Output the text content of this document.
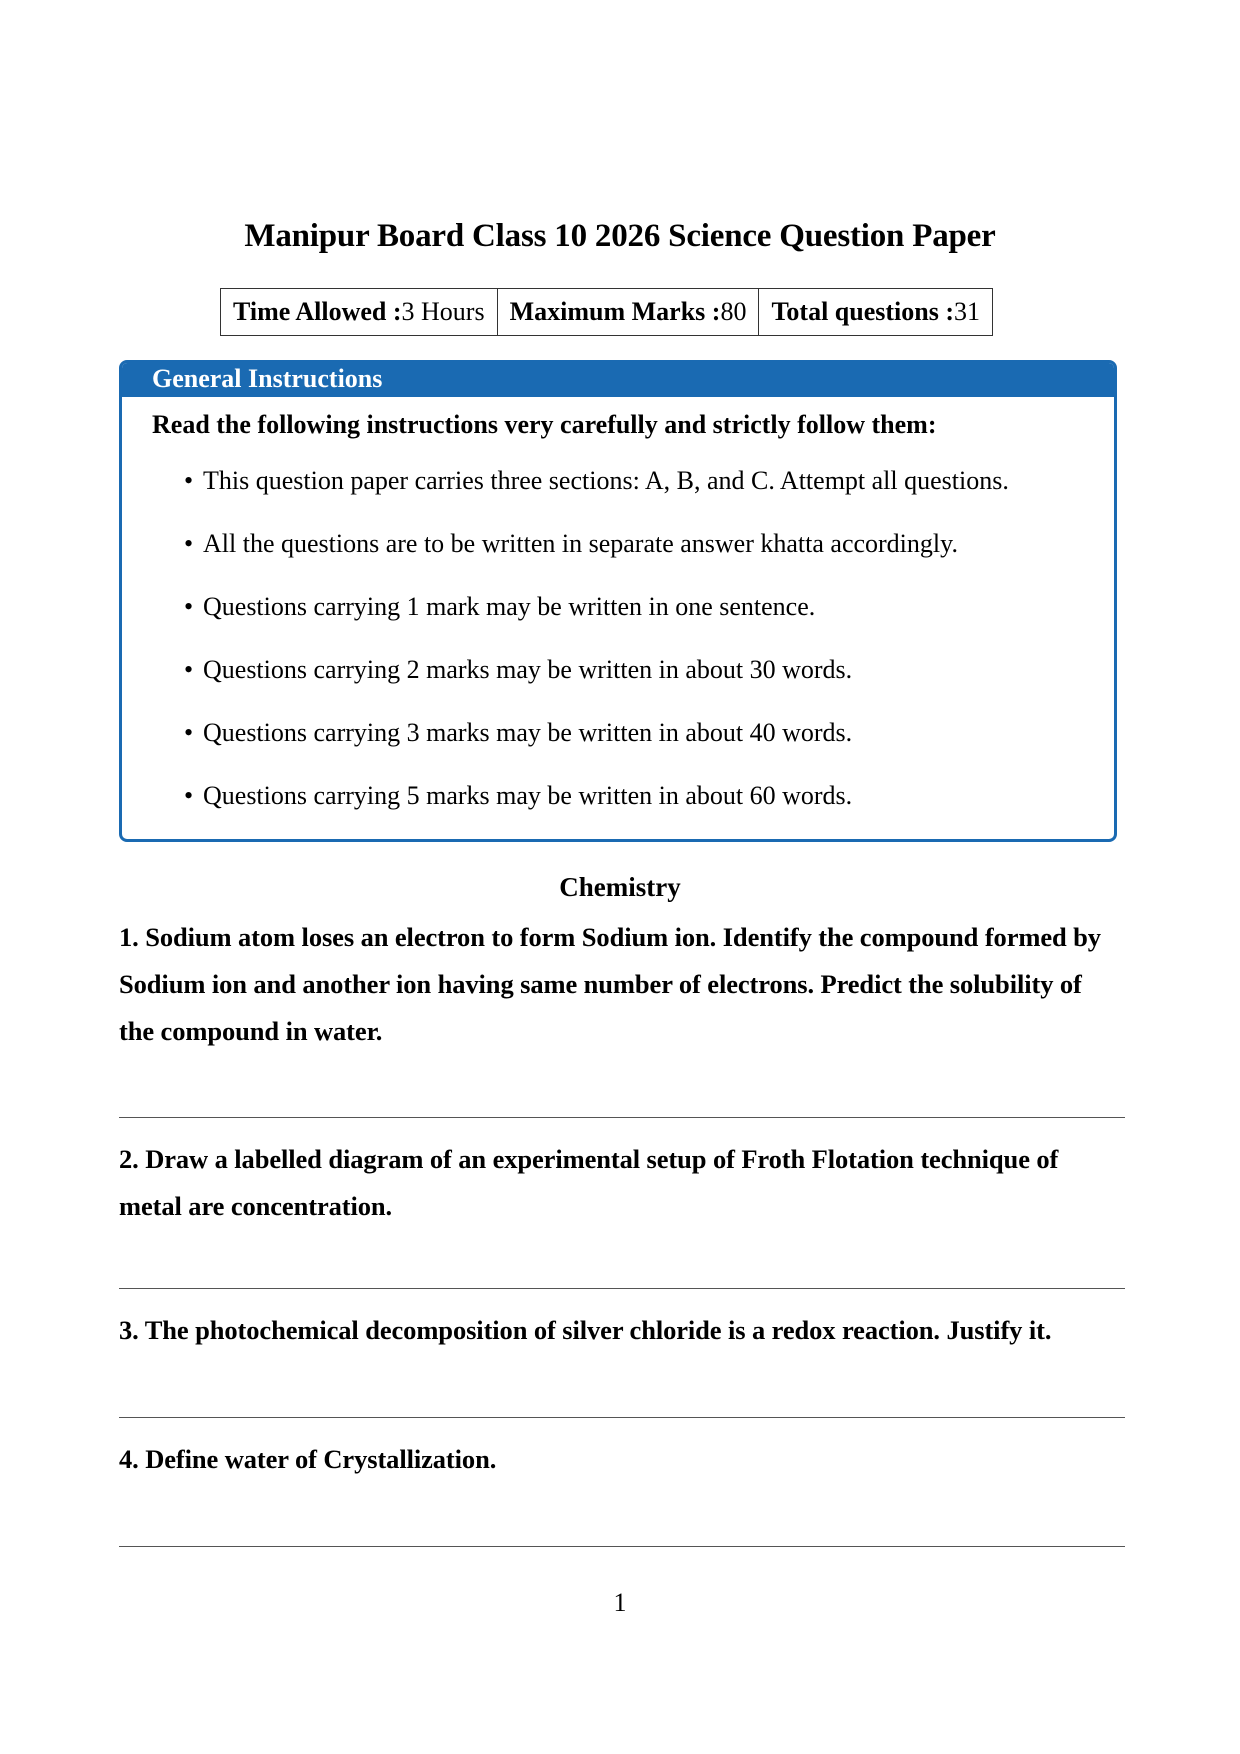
Manipur Board Class 10 2026 Science Question Paper
Time Allowed :3 Hours	Maximum Marks :80	Total questions :31
General Instructions
Read the following instructions very carefully and strictly follow them:
• This question paper carries three sections: A, B, and C. Attempt all questions.
• All the questions are to be written in separate answer khatta accordingly.
• Questions carrying 1 mark may be written in one sentence.
• Questions carrying 2 marks may be written in about 30 words.
• Questions carrying 3 marks may be written in about 40 words.
• Questions carrying 5 marks may be written in about 60 words.
Chemistry
1. Sodium atom loses an electron to form Sodium ion. Identify the compound formed by Sodium ion and another ion having same number of electrons. Predict the solubility of the compound in water.
2. Draw a labelled diagram of an experimental setup of Froth Flotation technique of metal are concentration.
3. The photochemical decomposition of silver chloride is a redox reaction. Justify it.
4. Define water of Crystallization.
1
